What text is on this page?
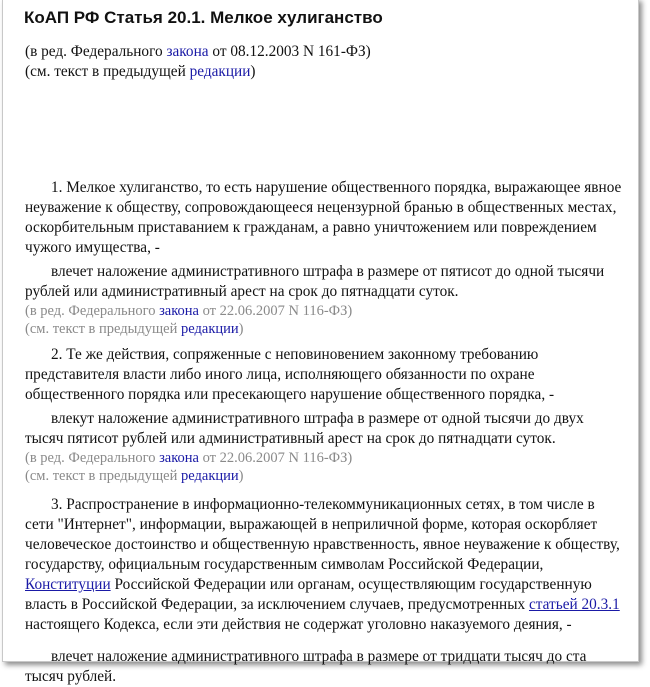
КоАП РФ Статья 20.1. Мелкое хулиганство
(в ред. Федерального закона от 08.12.2003 N 161-ФЗ)
(см. текст в предыдущей редакции)

1. Мелкое хулиганство, то есть нарушение общественного порядка, выражающее явное неуважение к обществу, сопровождающееся нецензурной бранью в общественных местах, оскорбительным приставанием к гражданам, а равно уничтожением или повреждением чужого имущества, -

влечет наложение административного штрафа в размере от пятисот до одной тысячи рублей или административный арест на срок до пятнадцати суток.

(в ред. Федерального закона от 22.06.2007 N 116-ФЗ)
(см. текст в предыдущей редакции)

2. Те же действия, сопряженные с неповиновением законному требованию представителя власти либо иного лица, исполняющего обязанности по охране общественного порядка или пресекающего нарушение общественного порядка, -

влекут наложение административного штрафа в размере от одной тысячи до двух тысяч пятисот рублей или административный арест на срок до пятнадцати суток.

(в ред. Федерального закона от 22.06.2007 N 116-ФЗ)
(см. текст в предыдущей редакции)

3. Распространение в информационно-телекоммуникационных сетях, в том числе в сети "Интернет", информации, выражающей в неприличной форме, которая оскорбляет человеческое достоинство и общественную нравственность, явное неуважение к обществу, государству, официальным государственным символам Российской Федерации, Конституции Российской Федерации или органам, осуществляющим государственную власть в Российской Федерации, за исключением случаев, предусмотренных статьей 20.3.1 настоящего Кодекса, если эти действия не содержат уголовно наказуемого деяния, -

влечет наложение административного штрафа в размере от тридцати тысяч до ста тысяч рублей.
